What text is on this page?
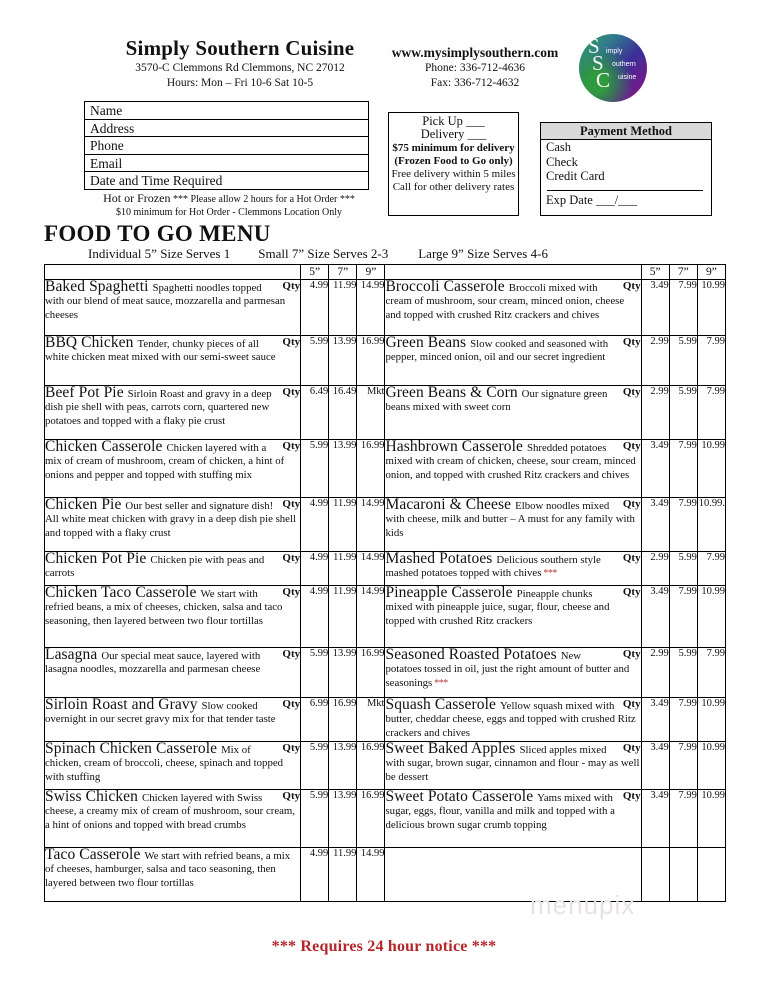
Simply Southern Cuisine
3570-C Clemmons Rd Clemmons, NC 27012
Hours: Mon – Fri 10-6 Sat 10-5
www.mysimplysouthern.com
Phone: 336-712-4636
Fax: 336-712-4632
S
S
C
imply
outhern
uisine
Name
Address
Phone
Email
Date and Time Required
Hot or Frozen *** Please allow 2 hours for a Hot Order ***
$10 minimum for Hot Order - Clemmons Location Only
Pick Up ___
Delivery ___
$75 minimum for delivery (Frozen Food to Go only) Free delivery within 5 miles Call for other delivery rates
Payment Method
Cash
Check
Credit Card
Exp Date ___/___
FOOD TO GO MENU
Individual 5” Size Serves 1 Small 7” Size Serves 2-3 Large 9” Size Serves 4-6
	5”	7”	9”		5”	7”	9”

Qty
Baked Spaghetti Spaghetti noodles topped with our blend of meat sauce, mozzarella and parmesan cheeses	4.99	11.99	14.99	Qty
Broccoli Casserole Broccoli mixed with cream of mushroom, sour cream, minced onion, cheese and topped with crushed Ritz crackers and chives	3.49	7.99	10.99

Qty
BBQ Chicken Tender, chunky pieces of all white chicken meat mixed with our semi-sweet sauce	5.99	13.99	16.99	Qty
Green Beans Slow cooked and seasoned with pepper, minced onion, oil and our secret ingredient	2.99	5.99	7.99

Qty
Beef Pot Pie Sirloin Roast and gravy in a deep dish pie shell with peas, carrots corn, quartered new potatoes and topped with a flaky pie crust	6.49	16.49	Mkt	Qty
Green Beans & Corn Our signature green beans mixed with sweet corn	2.99	5.99	7.99

Qty
Chicken Casserole Chicken layered with a mix of cream of mushroom, cream of chicken, a hint of onions and pepper and topped with stuffing mix	5.99	13.99	16.99	Qty
Hashbrown Casserole Shredded potatoes mixed with cream of chicken, cheese, sour cream, minced onion, and topped with crushed Ritz crackers and chives	3.49	7.99	10.99

Qty
Chicken Pie Our best seller and signature dish! All white meat chicken with gravy in a deep dish pie shell and topped with a flaky crust	4.99	11.99	14.99	Qty
Macaroni & Cheese Elbow noodles mixed with cheese, milk and butter – A must for any family with kids	3.49	7.99	10.99.

Qty
Chicken Pot Pie Chicken pie with peas and carrots	4.99	11.99	14.99	Qty
Mashed Potatoes Delicious southern style mashed potatoes topped with chives ***	2.99	5.99	7.99

Qty
Chicken Taco Casserole We start with refried beans, a mix of cheeses, chicken, salsa and taco seasoning, then layered between two flour tortillas	4.99	11.99	14.99	Qty
Pineapple Casserole Pineapple chunks mixed with pineapple juice, sugar, flour, cheese and topped with crushed Ritz crackers	3.49	7.99	10.99

Qty
Lasagna Our special meat sauce, layered with lasagna noodles, mozzarella and parmesan cheese	5.99	13.99	16.99	Qty
Seasoned Roasted Potatoes New potatoes tossed in oil, just the right amount of butter and seasonings ***	2.99	5.99	7.99

Qty
Sirloin Roast and Gravy Slow cooked overnight in our secret gravy mix for that tender taste	6.99	16.99	Mkt	Qty
Squash Casserole Yellow squash mixed with butter, cheddar cheese, eggs and topped with crushed Ritz crackers and chives	3.49	7.99	10.99

Qty
Spinach Chicken Casserole Mix of chicken, cream of broccoli, cheese, spinach and topped with stuffing	5.99	13.99	16.99	Qty
Sweet Baked Apples Sliced apples mixed with sugar, brown sugar, cinnamon and flour - may as well be dessert	3.49	7.99	10.99

Qty
Swiss Chicken Chicken layered with Swiss cheese, a creamy mix of cream of mushroom, sour cream, a hint of onions and topped with bread crumbs	5.99	13.99	16.99	Qty
Sweet Potato Casserole Yams mixed with sugar, eggs, flour, vanilla and milk and topped with a delicious brown sugar crumb topping	3.49	7.99	10.99

Taco Casserole We start with refried beans, a mix of cheeses, hamburger, salsa and taco seasoning, then layered between two flour tortillas	4.99	11.99	14.99				
menupix
*** Requires 24 hour notice ***
